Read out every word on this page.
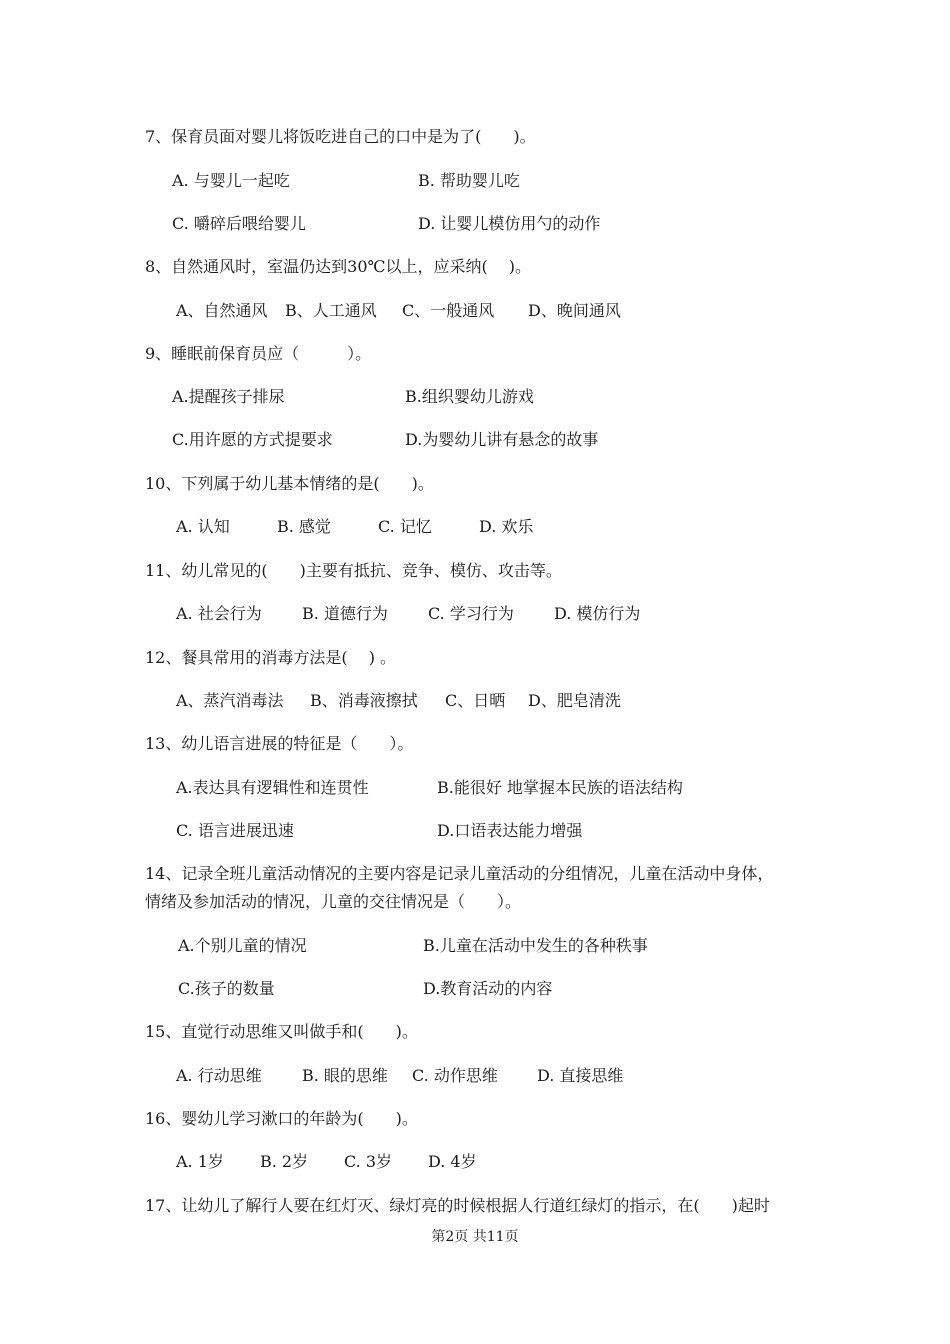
7、保育员面对婴儿将饭吃进自己的口中是为了(　　)。
A. 与婴儿一起吃	B. 帮助婴儿吃
C. 嚼碎后喂给婴儿	D. 让婴儿模仿用勺的动作
8、自然通风时，室温仍达到30℃以上，应采纳(　 )。
A、自然通风 B、人工通风 C、一般通风 D、晚间通风
9、睡眠前保育员应（　　　）。
A.提醒孩子排尿	B.组织婴幼儿游戏
C.用许愿的方式提要求	D.为婴幼儿讲有悬念的故事
10、下列属于幼儿基本情绪的是(　　)。
A. 认知	B. 感觉	C. 记忆	D. 欢乐
11、幼儿常见的(　　)主要有抵抗、竞争、模仿、攻击等。
A. 社会行为	B. 道德行为	C. 学习行为	D. 模仿行为
12、餐具常用的消毒方法是(　 ) 。
A、蒸汽消毒法 B、消毒液擦拭 C、日晒 D、肥皂清洗
13、幼儿语言进展的特征是（　　）。
A.表达具有逻辑性和连贯性	B.能很好 地掌握本民族的语法结构
C. 语言进展迅速	D.口语表达能力增强
14、记录全班儿童活动情况的主要内容是记录儿童活动的分组情况，儿童在活动中身体，
情绪及参加活动的情况，儿童的交往情况是（　　）。
A.个别儿童的情况	B.儿童在活动中发生的各种秩事
C.孩子的数量	D.教育活动的内容
15、直觉行动思维又叫做手和(　　)。
A. 行动思维	B. 眼的思维 C. 动作思维 D. 直接思维
16、婴幼儿学习漱口的年龄为(　　)。
A. 1岁 B. 2岁 C. 3岁 D. 4岁
17、让幼儿了解行人要在红灯灭、绿灯亮的时候根据人行道红绿灯的指示，在(　　)起时
第2页 共11页
